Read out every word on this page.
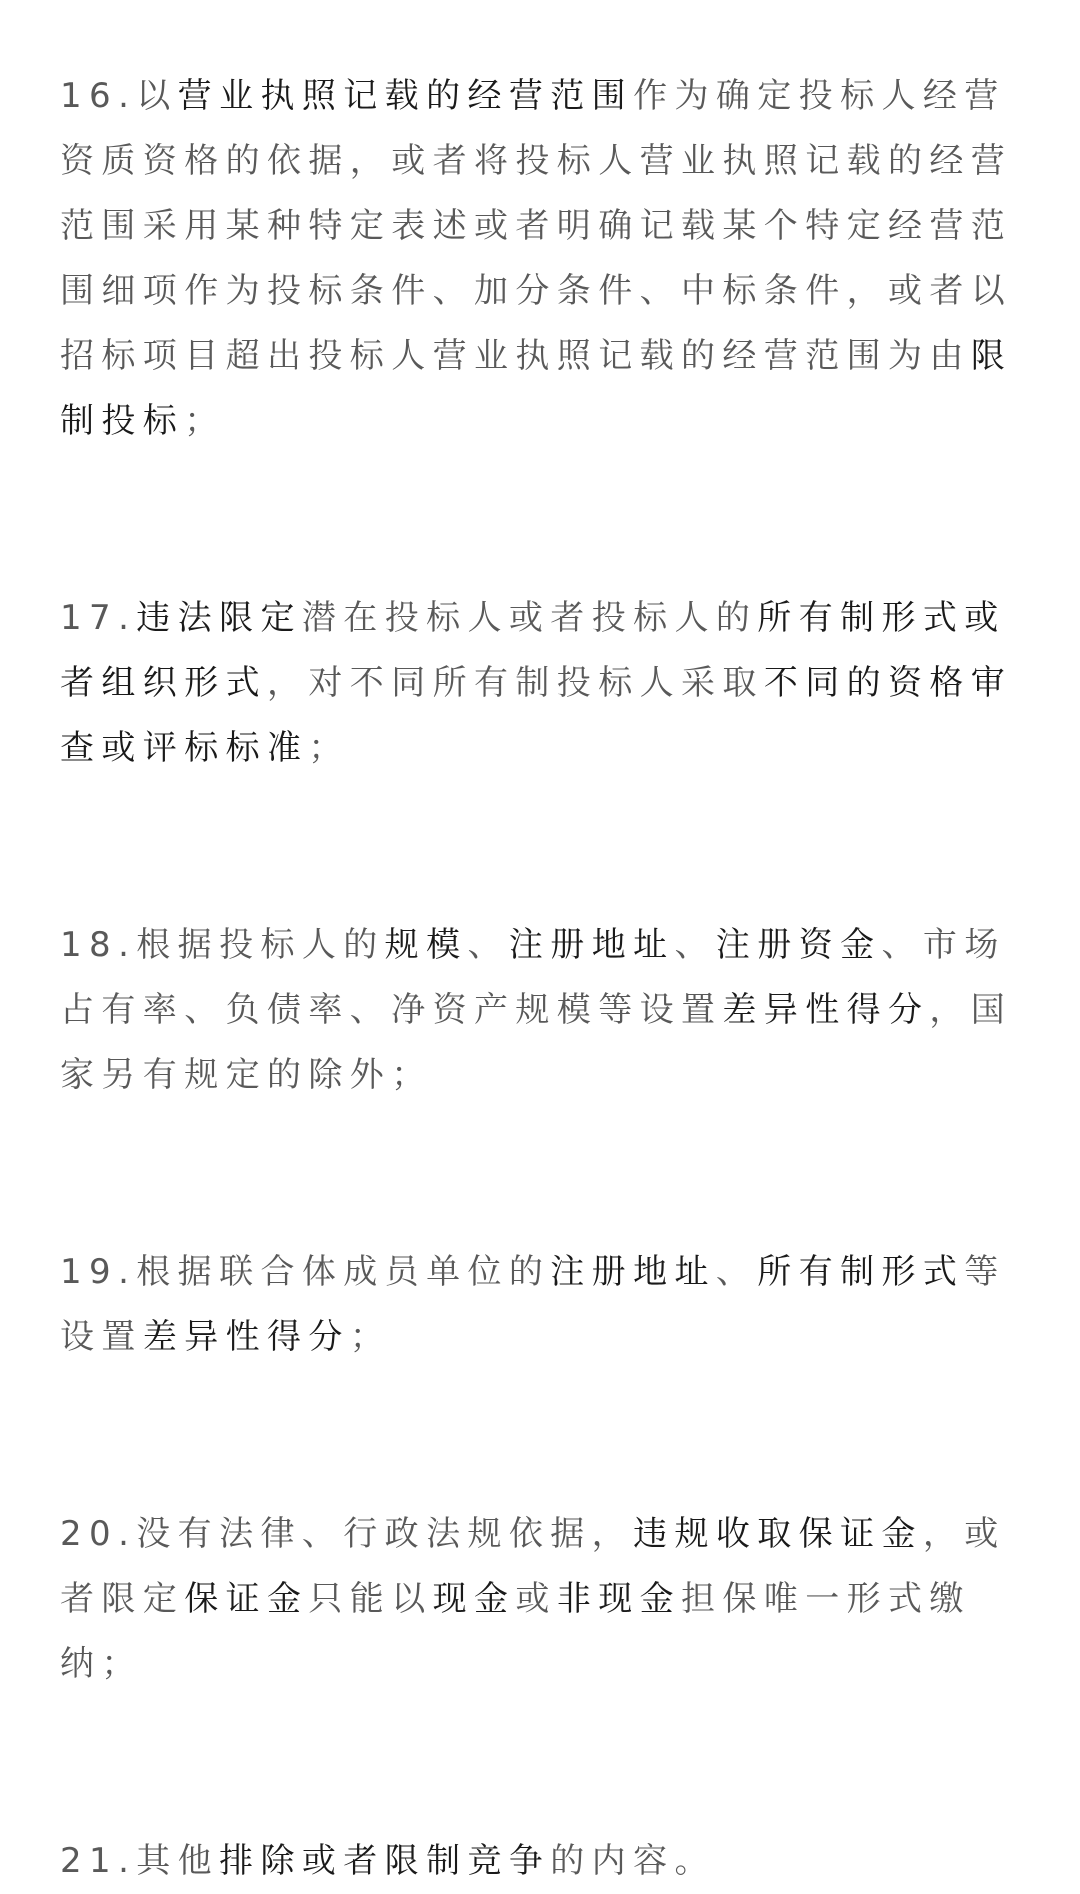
16.以营业执照记载的经营范围作为确定投标人经营资质资格的依据，或者将投标人营业执照记载的经营范围采用某种特定表述或者明确记载某个特定经营范围细项作为投标条件、加分条件、中标条件，或者以招标项目超出投标人营业执照记载的经营范围为由限制投标；

17.违法限定潜在投标人或者投标人的所有制形式或者组织形式，对不同所有制投标人采取不同的资格审查或评标标准；

18.根据投标人的规模、注册地址、注册资金、市场占有率、负债率、净资产规模等设置差异性得分，国家另有规定的除外；

19.根据联合体成员单位的注册地址、所有制形式等设置差异性得分；

20.没有法律、行政法规依据，违规收取保证金，或者限定保证金只能以现金或非现金担保唯一形式缴纳；

21.其他排除或者限制竞争的内容。
